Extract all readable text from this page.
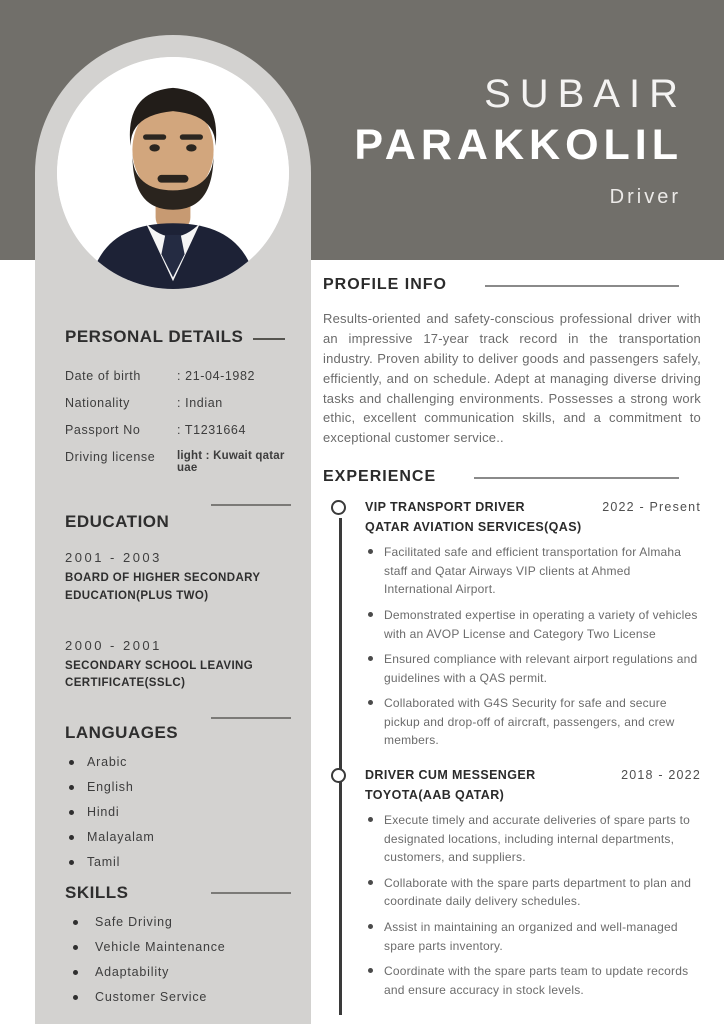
SUBAIR
PARAKKOLIL
Driver
PERSONAL DETAILS
Date of birth	: 21-04-1982
Nationality	: Indian
Passport No	: T1231664
Driving license	light : Kuwait qatar uae
EDUCATION
2001 - 2003
BOARD OF HIGHER SECONDARY EDUCATION(PLUS TWO)
2000 - 2001
SECONDARY SCHOOL LEAVING CERTIFICATE(SSLC)
LANGUAGES
Arabic
English
Hindi
Malayalam
Tamil
SKILLS
Safe Driving
Vehicle Maintenance
Adaptability
Customer Service
PROFILE INFO
Results-oriented and safety-conscious professional driver with an impressive 17-year track record in the transportation industry. Proven ability to deliver goods and passengers safely, efficiently, and on schedule. Adept at managing diverse driving tasks and challenging environments. Possesses a strong work ethic, excellent communication skills, and a commitment to exceptional customer service..
EXPERIENCE
VIP TRANSPORT DRIVER	2022 - Present
QATAR AVIATION SERVICES(QAS)
Facilitated safe and efficient transportation for Almaha staff and Qatar Airways VIP clients at Ahmed International Airport.
Demonstrated expertise in operating a variety of vehicles with an AVOP License and Category Two License
Ensured compliance with relevant airport regulations and guidelines with a QAS permit.
Collaborated with G4S Security for safe and secure pickup and drop-off of aircraft, passengers, and crew members.
DRIVER CUM MESSENGER	2018 - 2022
TOYOTA(AAB QATAR)
Execute timely and accurate deliveries of spare parts to designated locations, including internal departments, customers, and suppliers.
Collaborate with the spare parts department to plan and coordinate daily delivery schedules.
Assist in maintaining an organized and well-managed spare parts inventory.
Coordinate with the spare parts team to update records and ensure accuracy in stock levels.
